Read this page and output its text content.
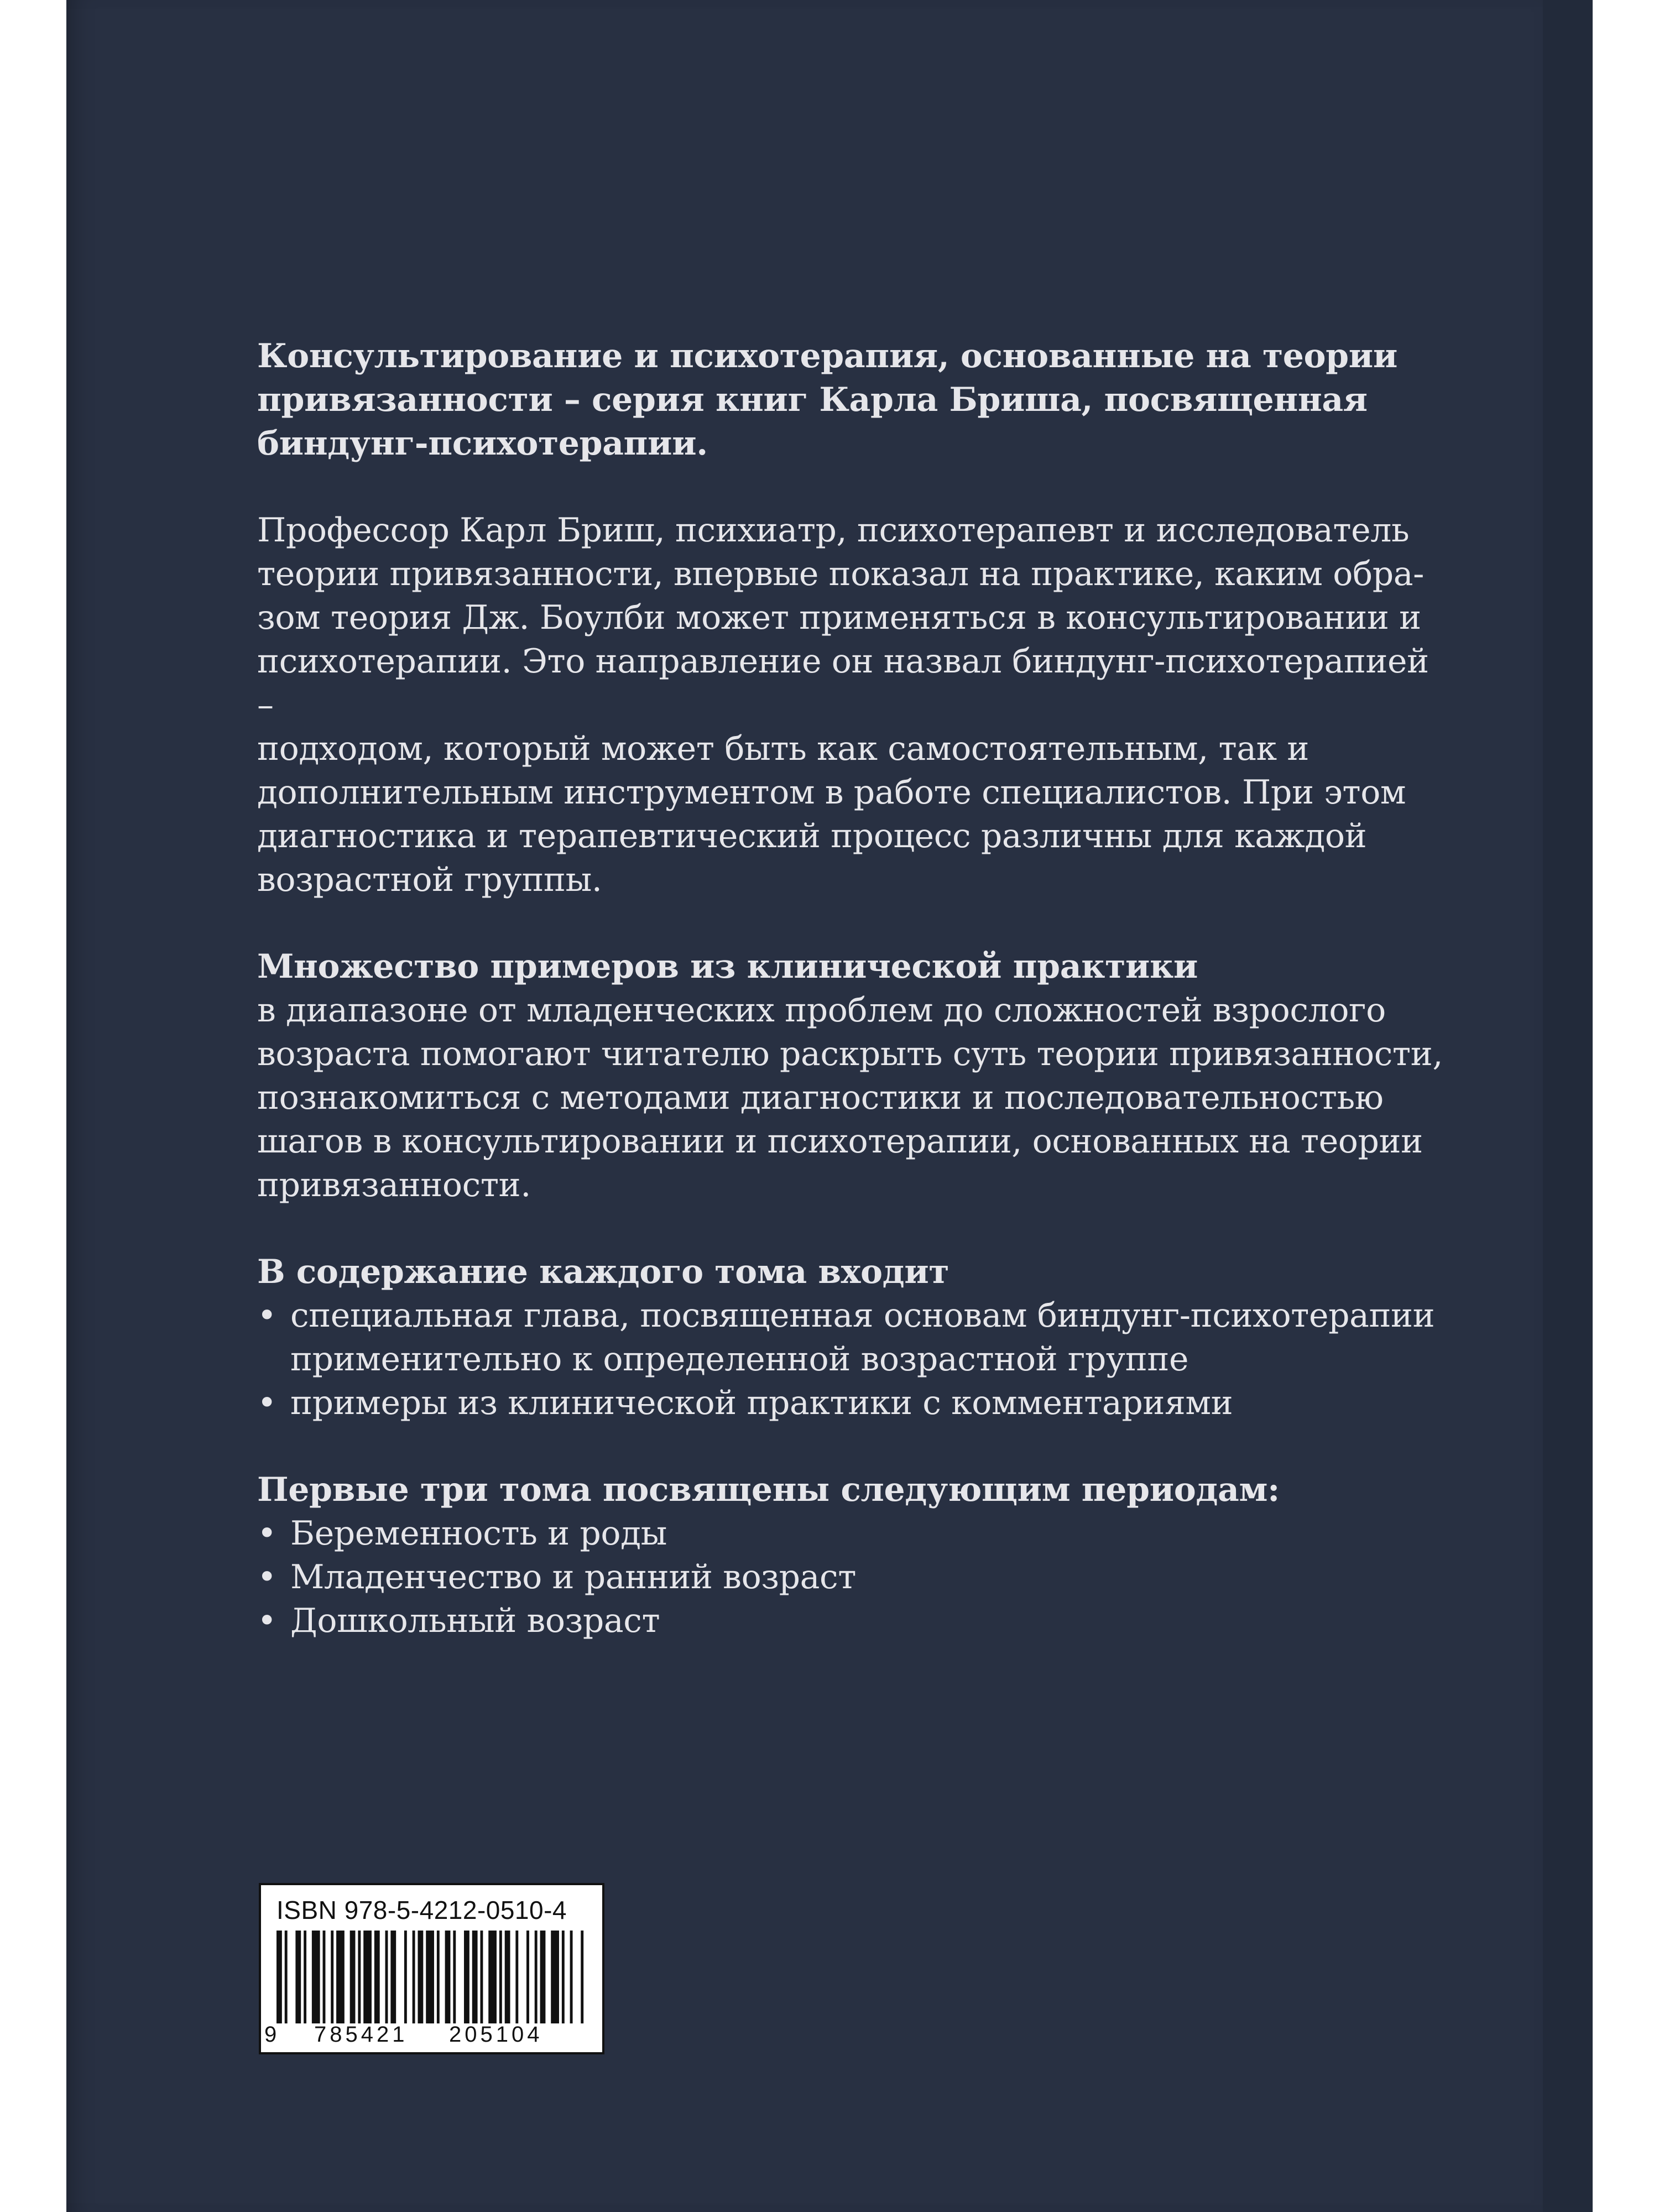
Консультирование и психотерапия, основанные на теории привязанности – серия книг Карла Бриша, посвященная биндунг-психотерапии.

Профессор Карл Бриш, психиатр, психотерапевт и исследователь
теории привязанности, впервые показал на практике, каким обра-
зом теория Дж. Боулби может применяться в консультировании и
психотерапии. Это направление он назвал биндунг-психотерапией –
подходом, который может быть как самостоятельным, так и
дополнительным инструментом в работе специалистов. При этом
диагностика и терапевтический процесс различны для каждой
возрастной группы.
Множество примеров из клинической практики
в диапазоне от младенческих проблем до сложностей взрослого
возраста помогают читателю раскрыть суть теории привязанности,
познакомиться с методами диагностики и последовательностью
шагов в консультировании и психотерапии, основанных на теории
привязанности.
В содержание каждого тома входит
• специальная глава, посвященная основам биндунг-психотерапии
применительно к определенной возрастной группе
• примеры из клинической практики с комментариями
Первые три тома посвящены следующим периодам:
• Беременность и роды
• Младенчество и ранний возраст
• Дошкольный возраст
ISBN 978-5-4212-0510-4
9 785421 205104
